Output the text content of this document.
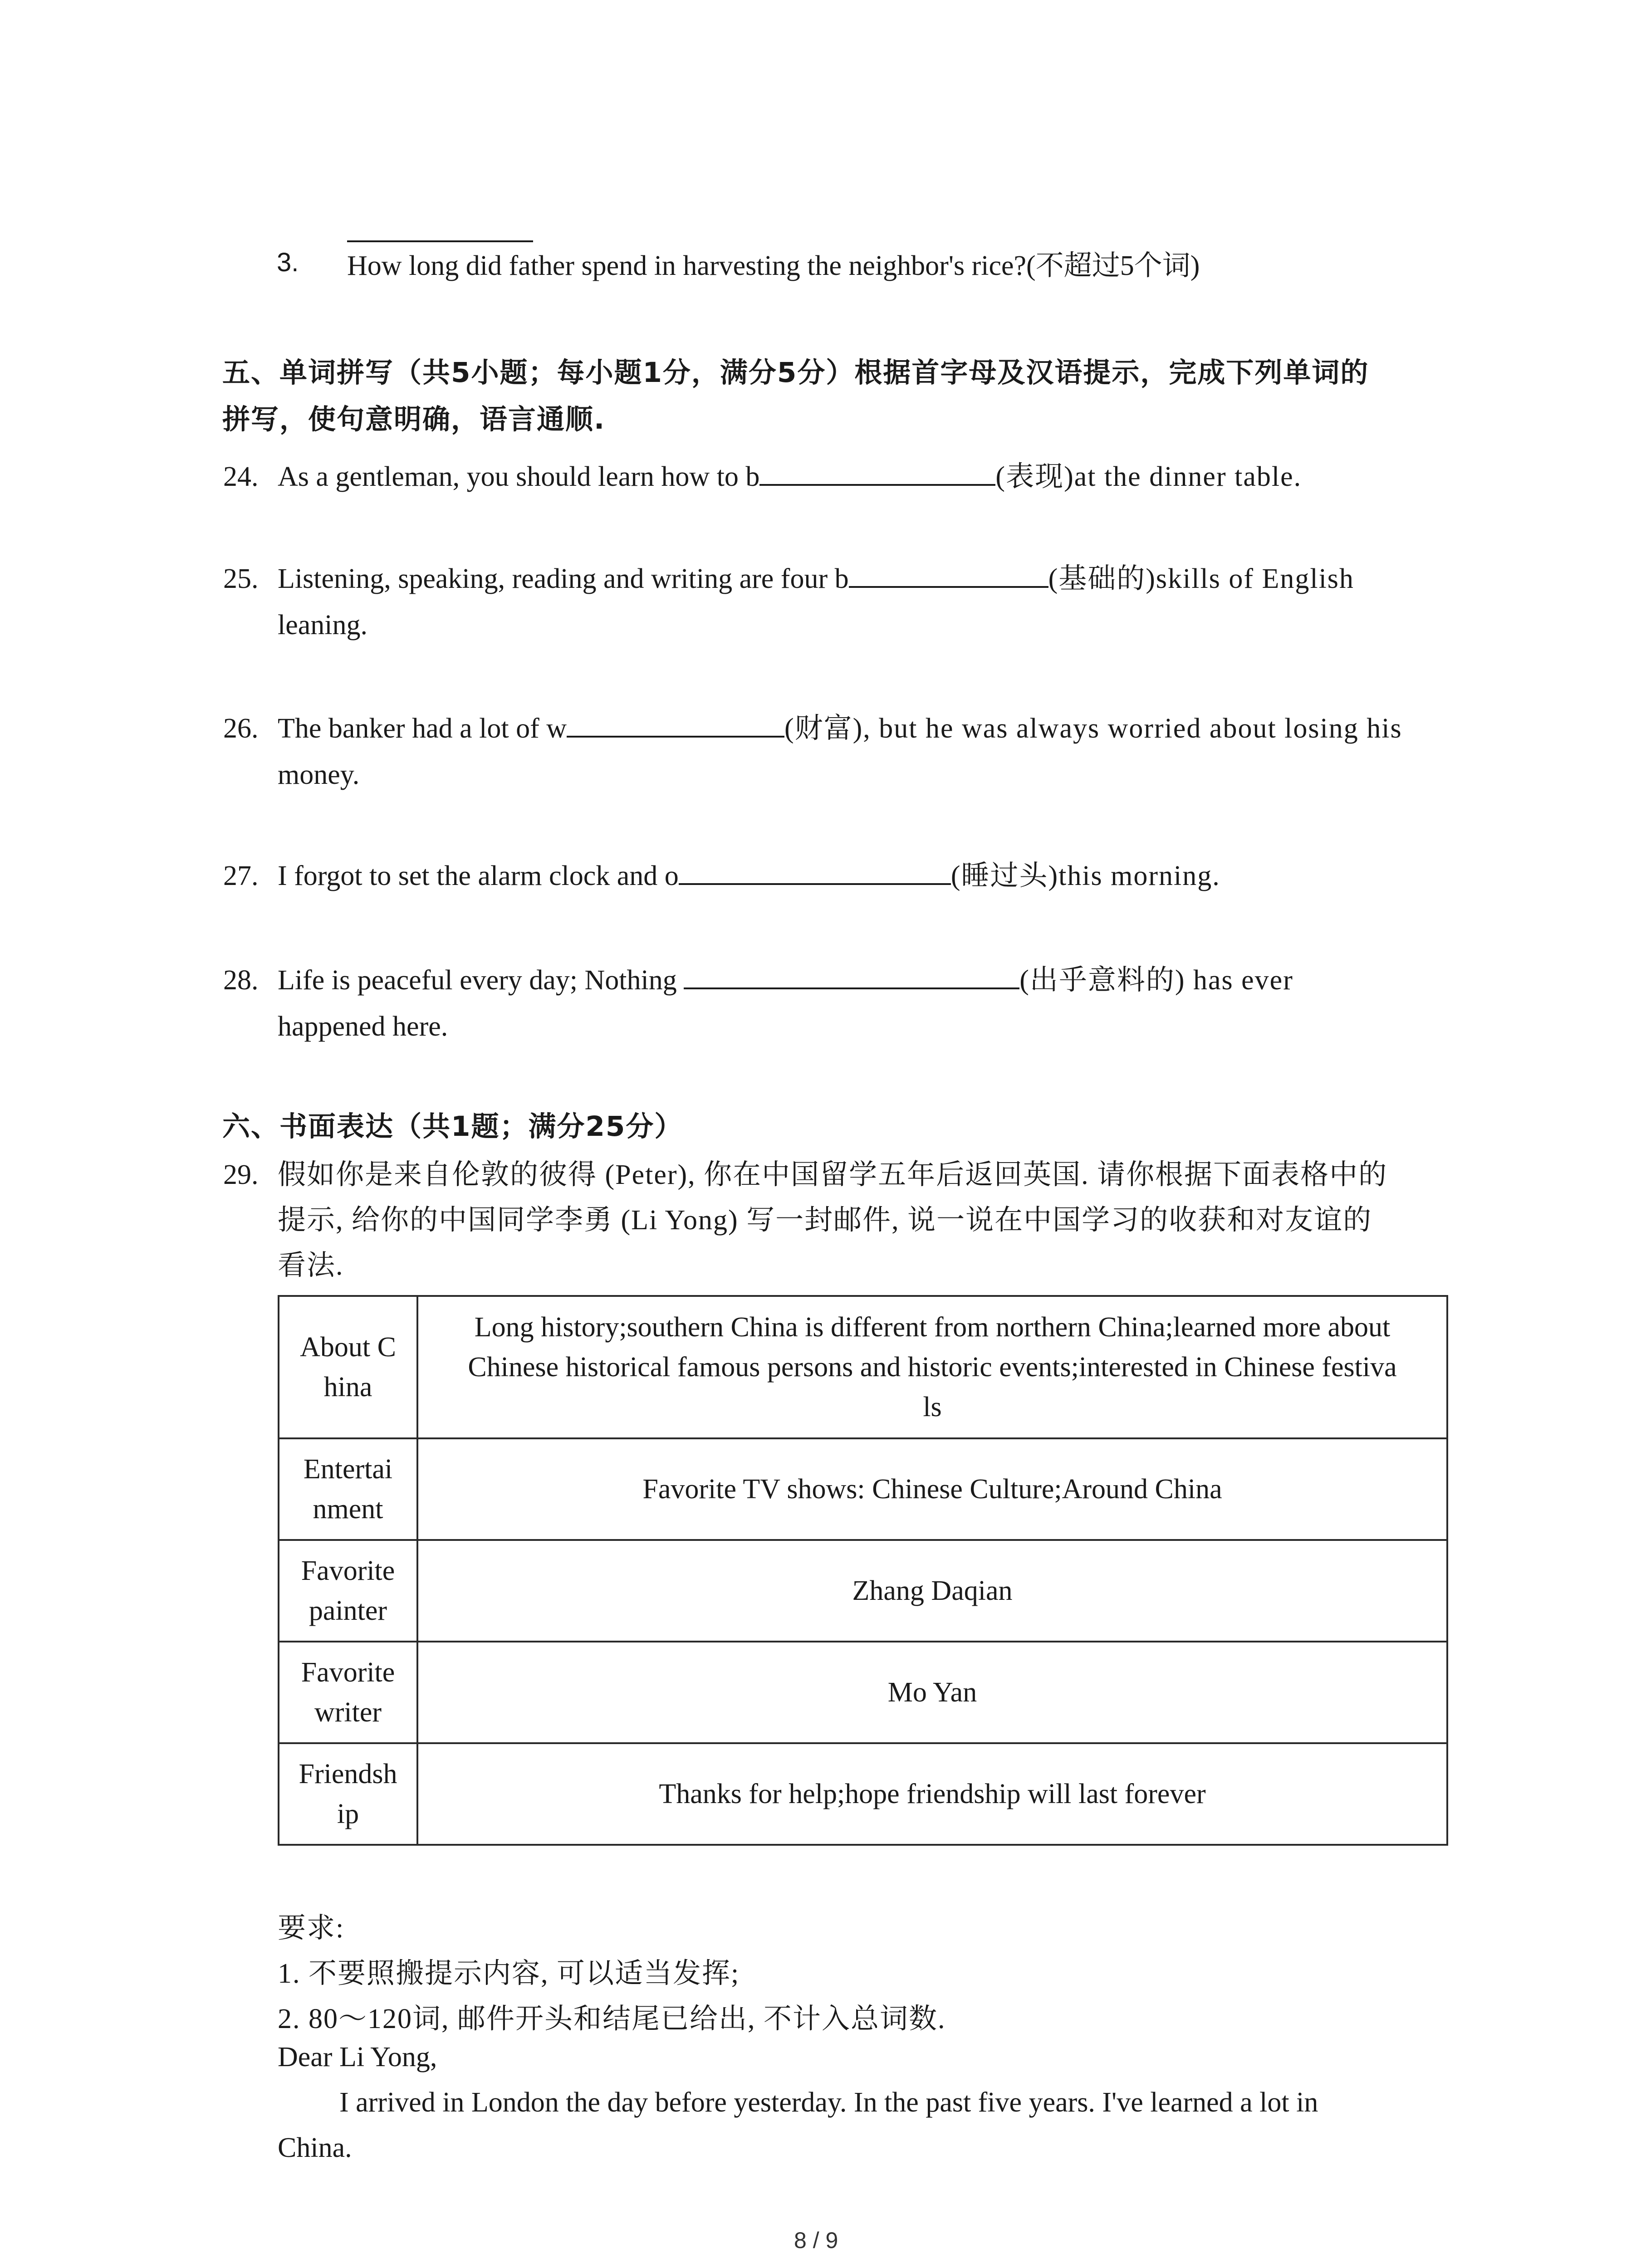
3. How long did father spend in harvesting the neighbor's rice?(不超过5个词)
五、单词拼写（共5小题；每小题1分，满分5分）根据首字母及汉语提示，完成下列单词的
拼写，使句意明确，语言通顺.
24. As a gentleman, you should learn how to b	(表现)at the dinner table.
25. Listening, speaking, reading and writing are four b	(基础的)skills of English
leaning.
26. The banker had a lot of w	(财富), but he was always worried about losing his
money.
27. I forgot to set the alarm clock and o	(睡过头)this morning.
28. Life is peaceful every day; Nothing	(出乎意料的) has ever
happened here.
六、书面表达（共1题；满分25分）
29. 假如你是来自伦敦的彼得 (Peter), 你在中国留学五年后返回英国. 请你根据下面表格中的
提示, 给你的中国同学李勇 (Li Yong) 写一封邮件, 说一说在中国学习的收获和对友谊的
看法.
About C
hina	Long history;southern China is different from northern China;learned more about
Chinese historical famous persons and historic events;interested in Chinese festiva
ls

Entertai
nment	Favorite TV shows: Chinese Culture;Around China

Favorite
painter	Zhang Daqian

Favorite
writer	Mo Yan

Friendsh
ip	Thanks for help;hope friendship will last forever
要求:
1. 不要照搬提示内容, 可以适当发挥;
2. 80～120词, 邮件开头和结尾已给出, 不计入总词数.
Dear Li Yong,
I arrived in London the day before yesterday. In the past five years. I've learned a lot in
China.
8 / 9
